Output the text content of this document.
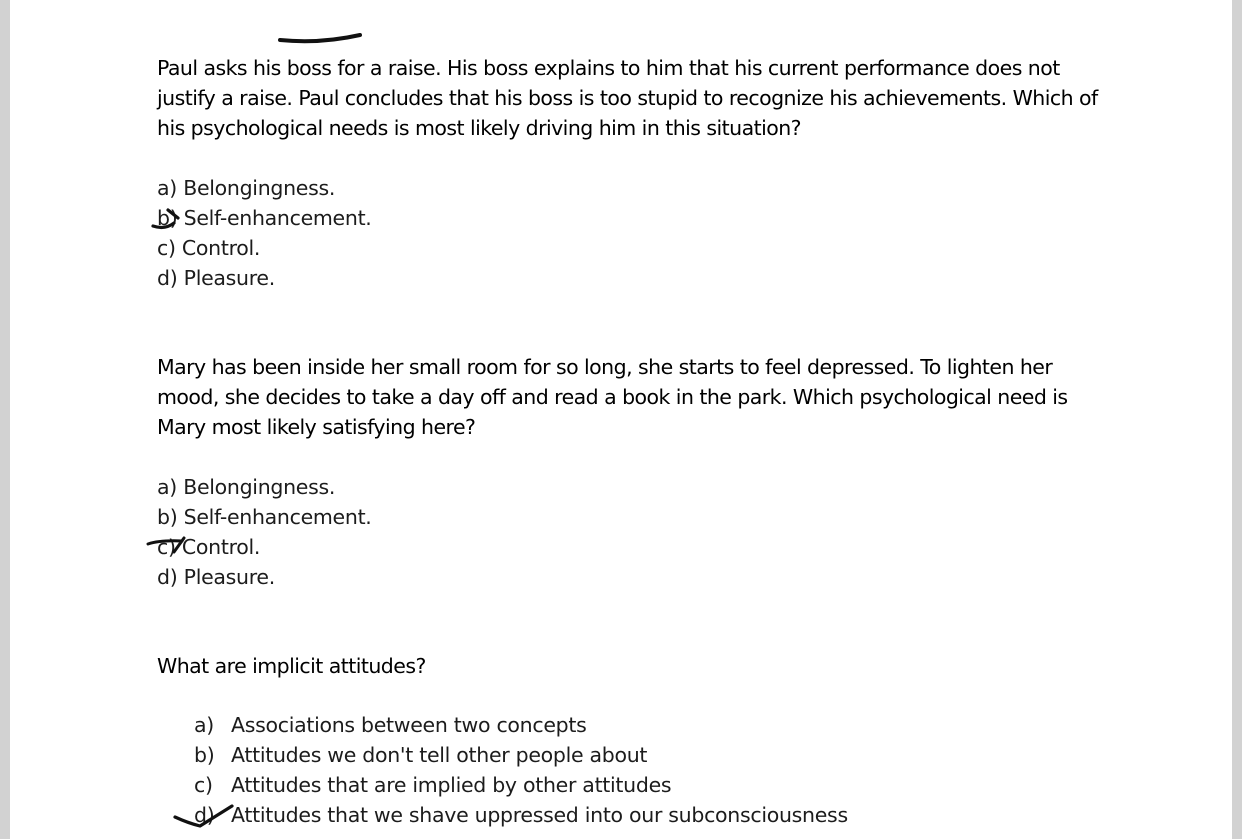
Paul asks his boss for a raise. His boss explains to him that his current performance does not justify a raise. Paul concludes that his boss is too stupid to recognize his achievements. Which of his psychological needs is most likely driving him in this situation?
a) Belongingness.
b) Self-enhancement.
c) Control.
d) Pleasure.
Mary has been inside her small room for so long, she starts to feel depressed. To lighten her mood, she decides to take a day off and read a book in the park. Which psychological need is Mary most likely satisfying here?
a) Belongingness.
b) Self-enhancement.
c) Control.
d) Pleasure.
What are implicit attitudes?
a) Associations between two concepts
b) Attitudes we don't tell other people about
c) Attitudes that are implied by other attitudes
d) Attitudes that we shave uppressed into our subconsciousness
